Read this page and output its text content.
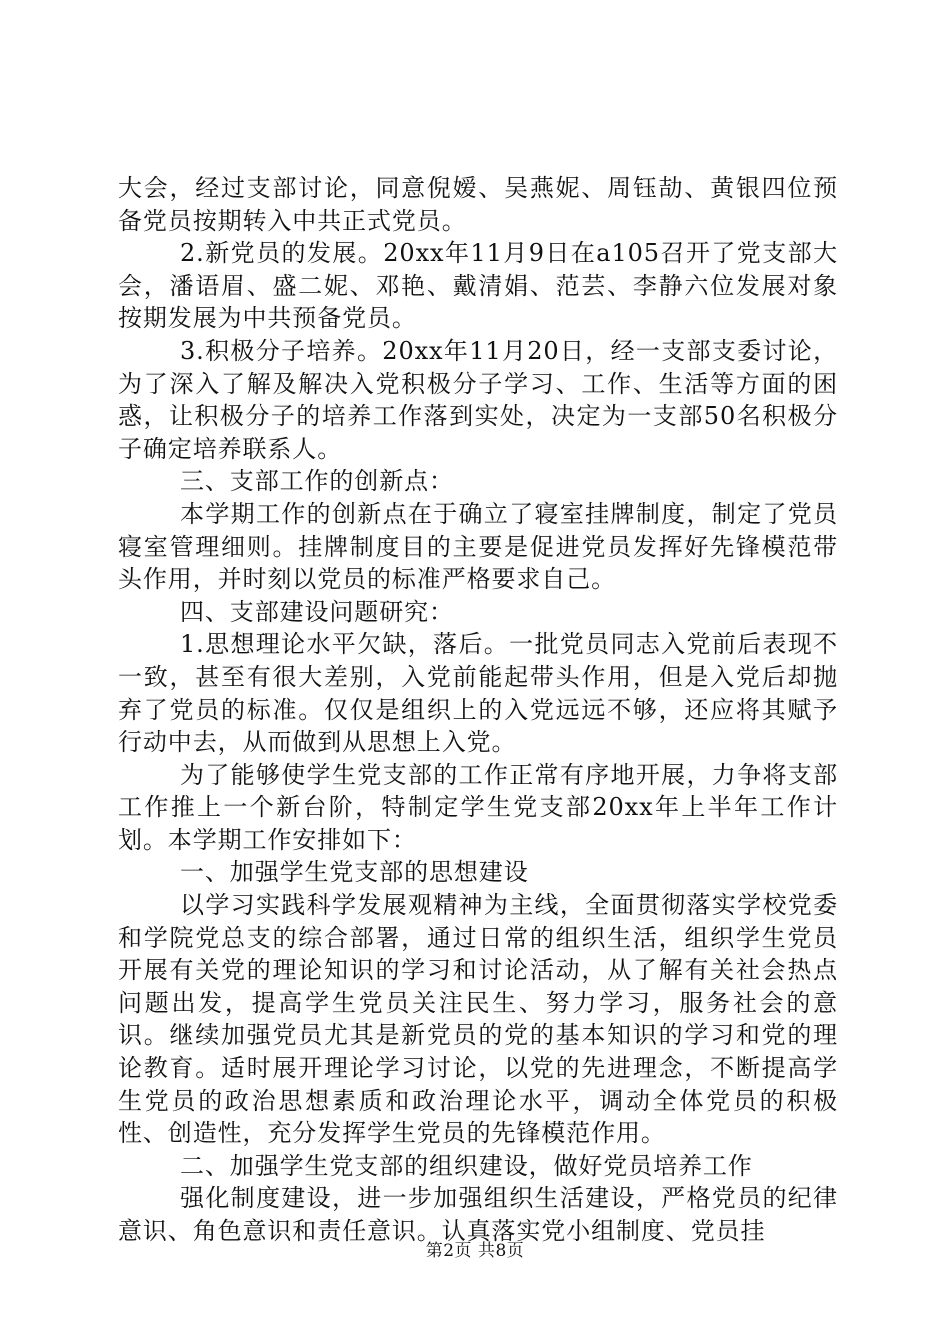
大会，经过支部讨论，同意倪嫒、吴燕妮、周钰劼、黄银四位预备党员按期转入中共正式党员。

2.新党员的发展。20xx年11月9日在a105召开了党支部大会，潘语眉、盛二妮、邓艳、戴清娟、范芸、李静六位发展对象按期发展为中共预备党员。

3.积极分子培养。20xx年11月20日，经一支部支委讨论，为了深入了解及解决入党积极分子学习、工作、生活等方面的困惑，让积极分子的培养工作落到实处，决定为一支部50名积极分子确定培养联系人。

三、支部工作的创新点：

本学期工作的创新点在于确立了寝室挂牌制度，制定了党员寝室管理细则。挂牌制度目的主要是促进党员发挥好先锋模范带头作用，并时刻以党员的标准严格要求自己。

四、支部建设问题研究：

1.思想理论水平欠缺，落后。一批党员同志入党前后表现不一致，甚至有很大差别，入党前能起带头作用，但是入党后却抛弃了党员的标准。仅仅是组织上的入党远远不够，还应将其赋予行动中去，从而做到从思想上入党。

为了能够使学生党支部的工作正常有序地开展，力争将支部工作推上一个新台阶，特制定学生党支部20xx年上半年工作计划。本学期工作安排如下：

一、加强学生党支部的思想建设

以学习实践科学发展观精神为主线，全面贯彻落实学校党委和学院党总支的综合部署，通过日常的组织生活，组织学生党员开展有关党的理论知识的学习和讨论活动，从了解有关社会热点问题出发，提高学生党员关注民生、努力学习，服务社会的意识。继续加强党员尤其是新党员的党的基本知识的学习和党的理论教育。适时展开理论学习讨论，以党的先进理念，不断提高学生党员的政治思想素质和政治理论水平，调动全体党员的积极性、创造性，充分发挥学生党员的先锋模范作用。

二、加强学生党支部的组织建设，做好党员培养工作

强化制度建设，进一步加强组织生活建设，严格党员的纪律意识、角色意识和责任意识。认真落实党小组制度、党员挂

第2页 共8页
